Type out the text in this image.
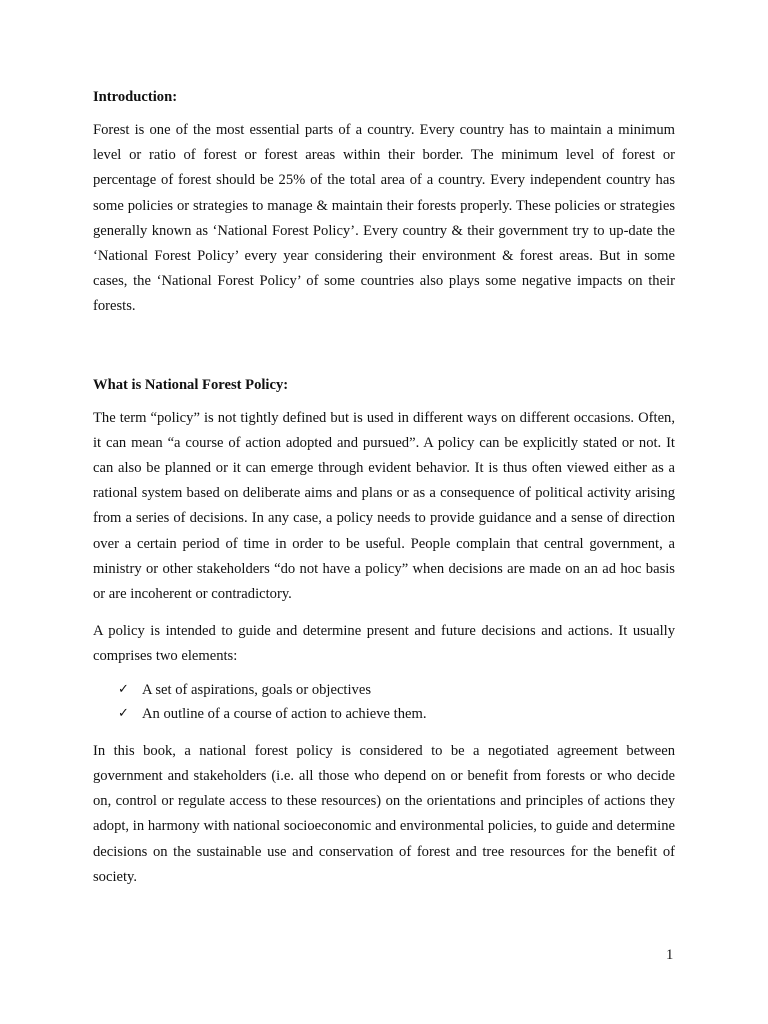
Introduction:

Forest is one of the most essential parts of a country. Every country has to maintain a minimum level or ratio of forest or forest areas within their border. The minimum level of forest or percentage of forest should be 25% of the total area of a country. Every independent country has some policies or strategies to manage & maintain their forests properly. These policies or strategies generally known as ‘National Forest Policy’. Every country & their government try to up-date the ‘National Forest Policy’ every year considering their environment & forest areas. But in some cases, the ‘National Forest Policy’ of some countries also plays some negative impacts on their forests.

What is National Forest Policy:

The term “policy” is not tightly defined but is used in different ways on different occasions. Often, it can mean “a course of action adopted and pursued”. A policy can be explicitly stated or not. It can also be planned or it can emerge through evident behavior. It is thus often viewed either as a rational system based on deliberate aims and plans or as a consequence of political activity arising from a series of decisions. In any case, a policy needs to provide guidance and a sense of direction over a certain period of time in order to be useful. People complain that central government, a ministry or other stakeholders “do not have a policy” when decisions are made on an ad hoc basis or are incoherent or contradictory.

A policy is intended to guide and determine present and future decisions and actions. It usually comprises two elements:

✓ A set of aspirations, goals or objectives
✓ An outline of a course of action to achieve them.

In this book, a national forest policy is considered to be a negotiated agreement between government and stakeholders (i.e. all those who depend on or benefit from forests or who decide on, control or regulate access to these resources) on the orientations and principles of actions they adopt, in harmony with national socioeconomic and environmental policies, to guide and determine decisions on the sustainable use and conservation of forest and tree resources for the benefit of society.

1
